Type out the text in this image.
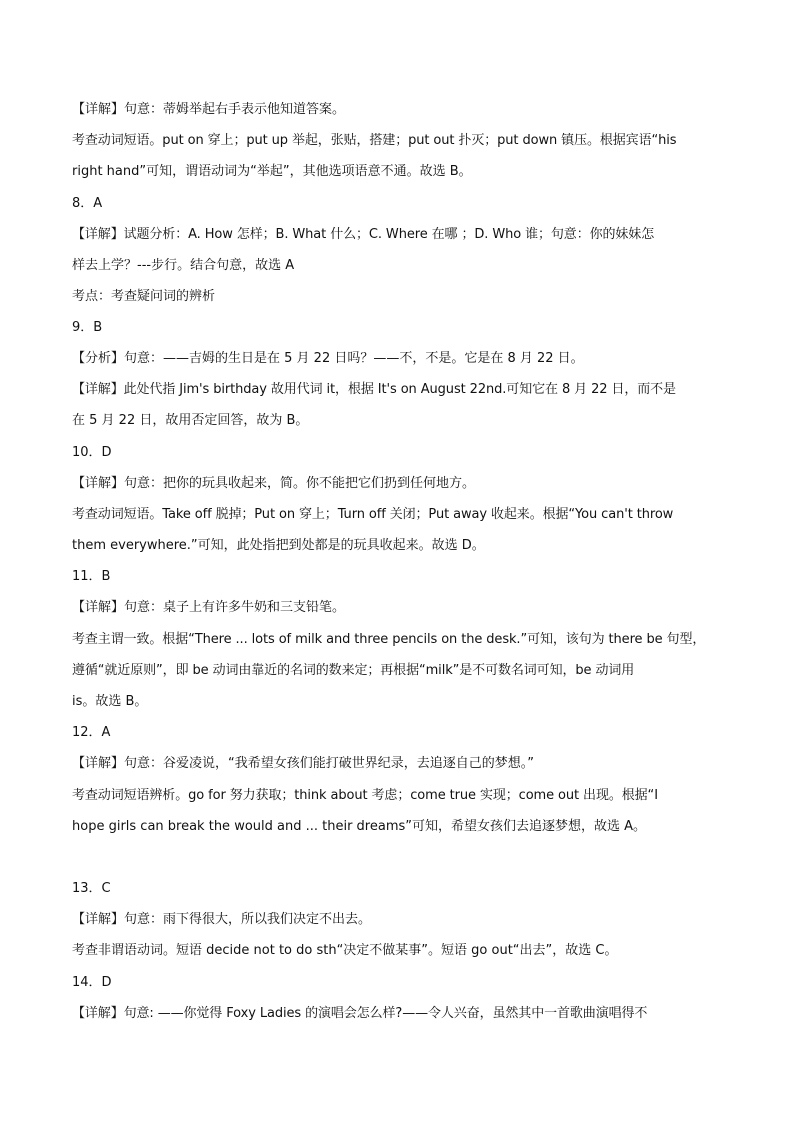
【详解】句意：蒂姆举起右手表示他知道答案。
考查动词短语。put on 穿上；put up 举起，张贴，搭建；put out 扑灭；put down 镇压。根据宾语“his
right hand”可知，谓语动词为“举起”，其他选项语意不通。故选 B。
8．A
【详解】试题分析：A. How 怎样；B. What 什么；C. Where 在哪 ；D. Who 谁；句意：你的妹妹怎
样去上学？---步行。结合句意，故选 A
考点：考查疑问词的辨析
9．B
【分析】句意：——吉姆的生日是在 5 月 22 日吗？——不，不是。它是在 8 月 22 日。
【详解】此处代指 Jim's birthday 故用代词 it，根据 It's on August 22nd.可知它在 8 月 22 日，而不是
在 5 月 22 日，故用否定回答，故为 B。
10．D
【详解】句意：把你的玩具收起来，简。你不能把它们扔到任何地方。
考查动词短语。Take off 脱掉；Put on 穿上；Turn off 关闭；Put away 收起来。根据“You can't throw
them everywhere.”可知，此处指把到处都是的玩具收起来。故选 D。
11．B
【详解】句意：桌子上有许多牛奶和三支铅笔。
考查主谓一致。根据“There ... lots of milk and three pencils on the desk.”可知，该句为 there be 句型，
遵循“就近原则”，即 be 动词由靠近的名词的数来定；再根据“milk”是不可数名词可知，be 动词用
is。故选 B。
12．A
【详解】句意：谷爱凌说，“我希望女孩们能打破世界纪录，去追逐自己的梦想。”
考查动词短语辨析。go for 努力获取；think about 考虑；come true 实现；come out 出现。根据“I
hope girls can break the would and ... their dreams”可知，希望女孩们去追逐梦想，故选 A。
13．C
【详解】句意：雨下得很大，所以我们决定不出去。
考查非谓语动词。短语 decide not to do sth“决定不做某事”。短语 go out“出去”，故选 C。
14．D
【详解】句意: ——你觉得 Foxy Ladies 的演唱会怎么样?——令人兴奋，虽然其中一首歌曲演唱得不
